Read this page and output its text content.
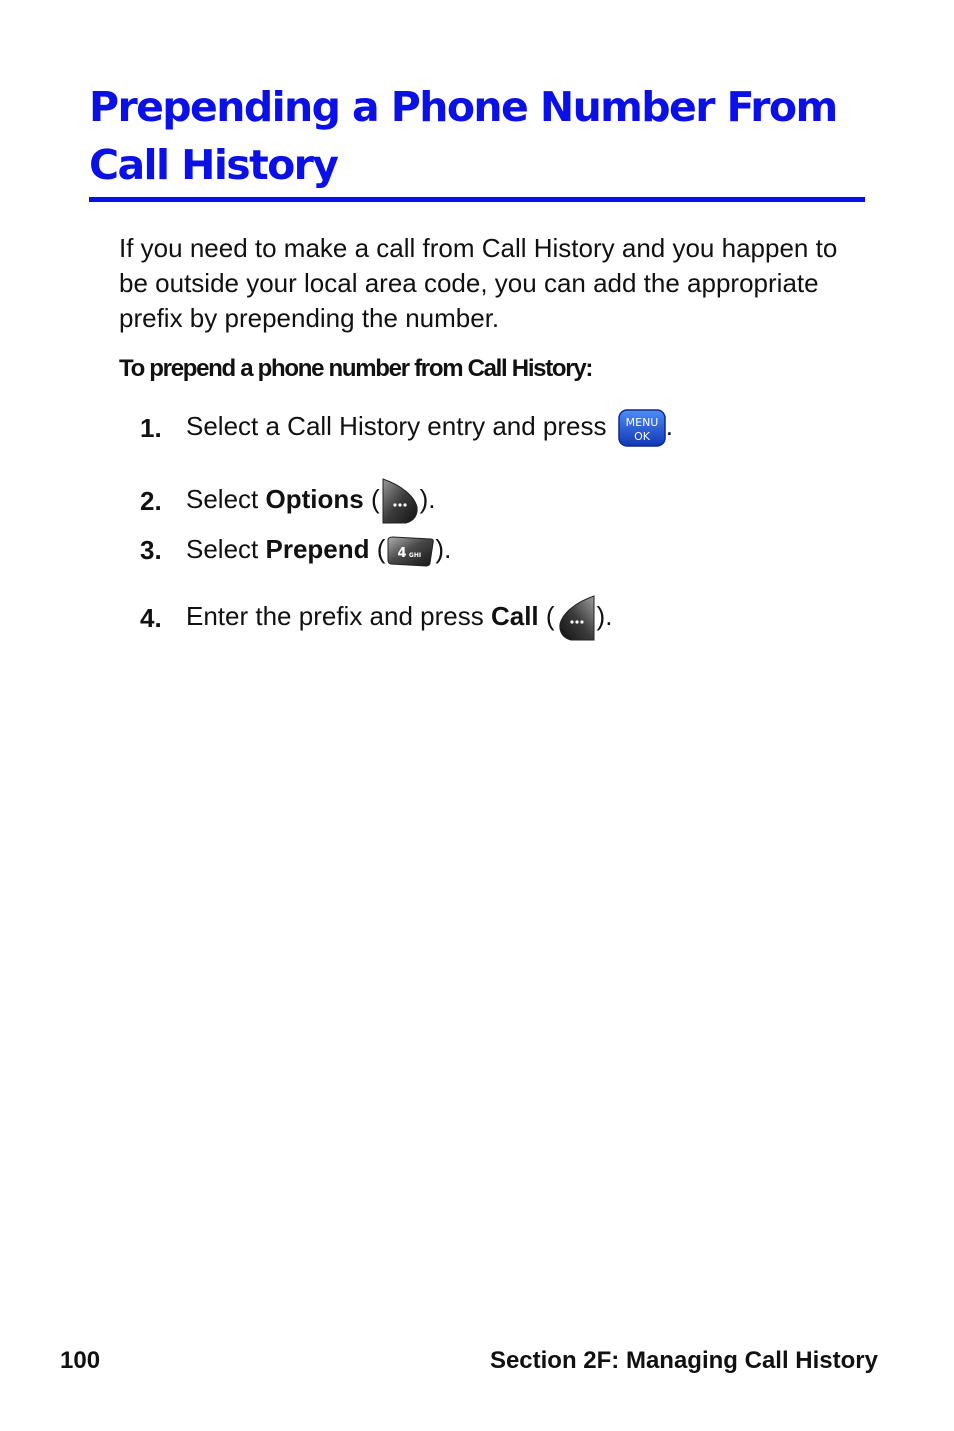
Prepending a Phone Number From
Call History

If you need to make a call from Call History and you happen to be outside your local area code, you can add the appropriate prefix by prepending the number.

To prepend a phone number from Call History:

1. Select a Call History entry and press MENU
OK .
2. Select Options ( ).
3. Select Prepend ( 4 GHI ).
4. Enter the prefix and press Call ( ).
100	Section 2F: Managing Call History
